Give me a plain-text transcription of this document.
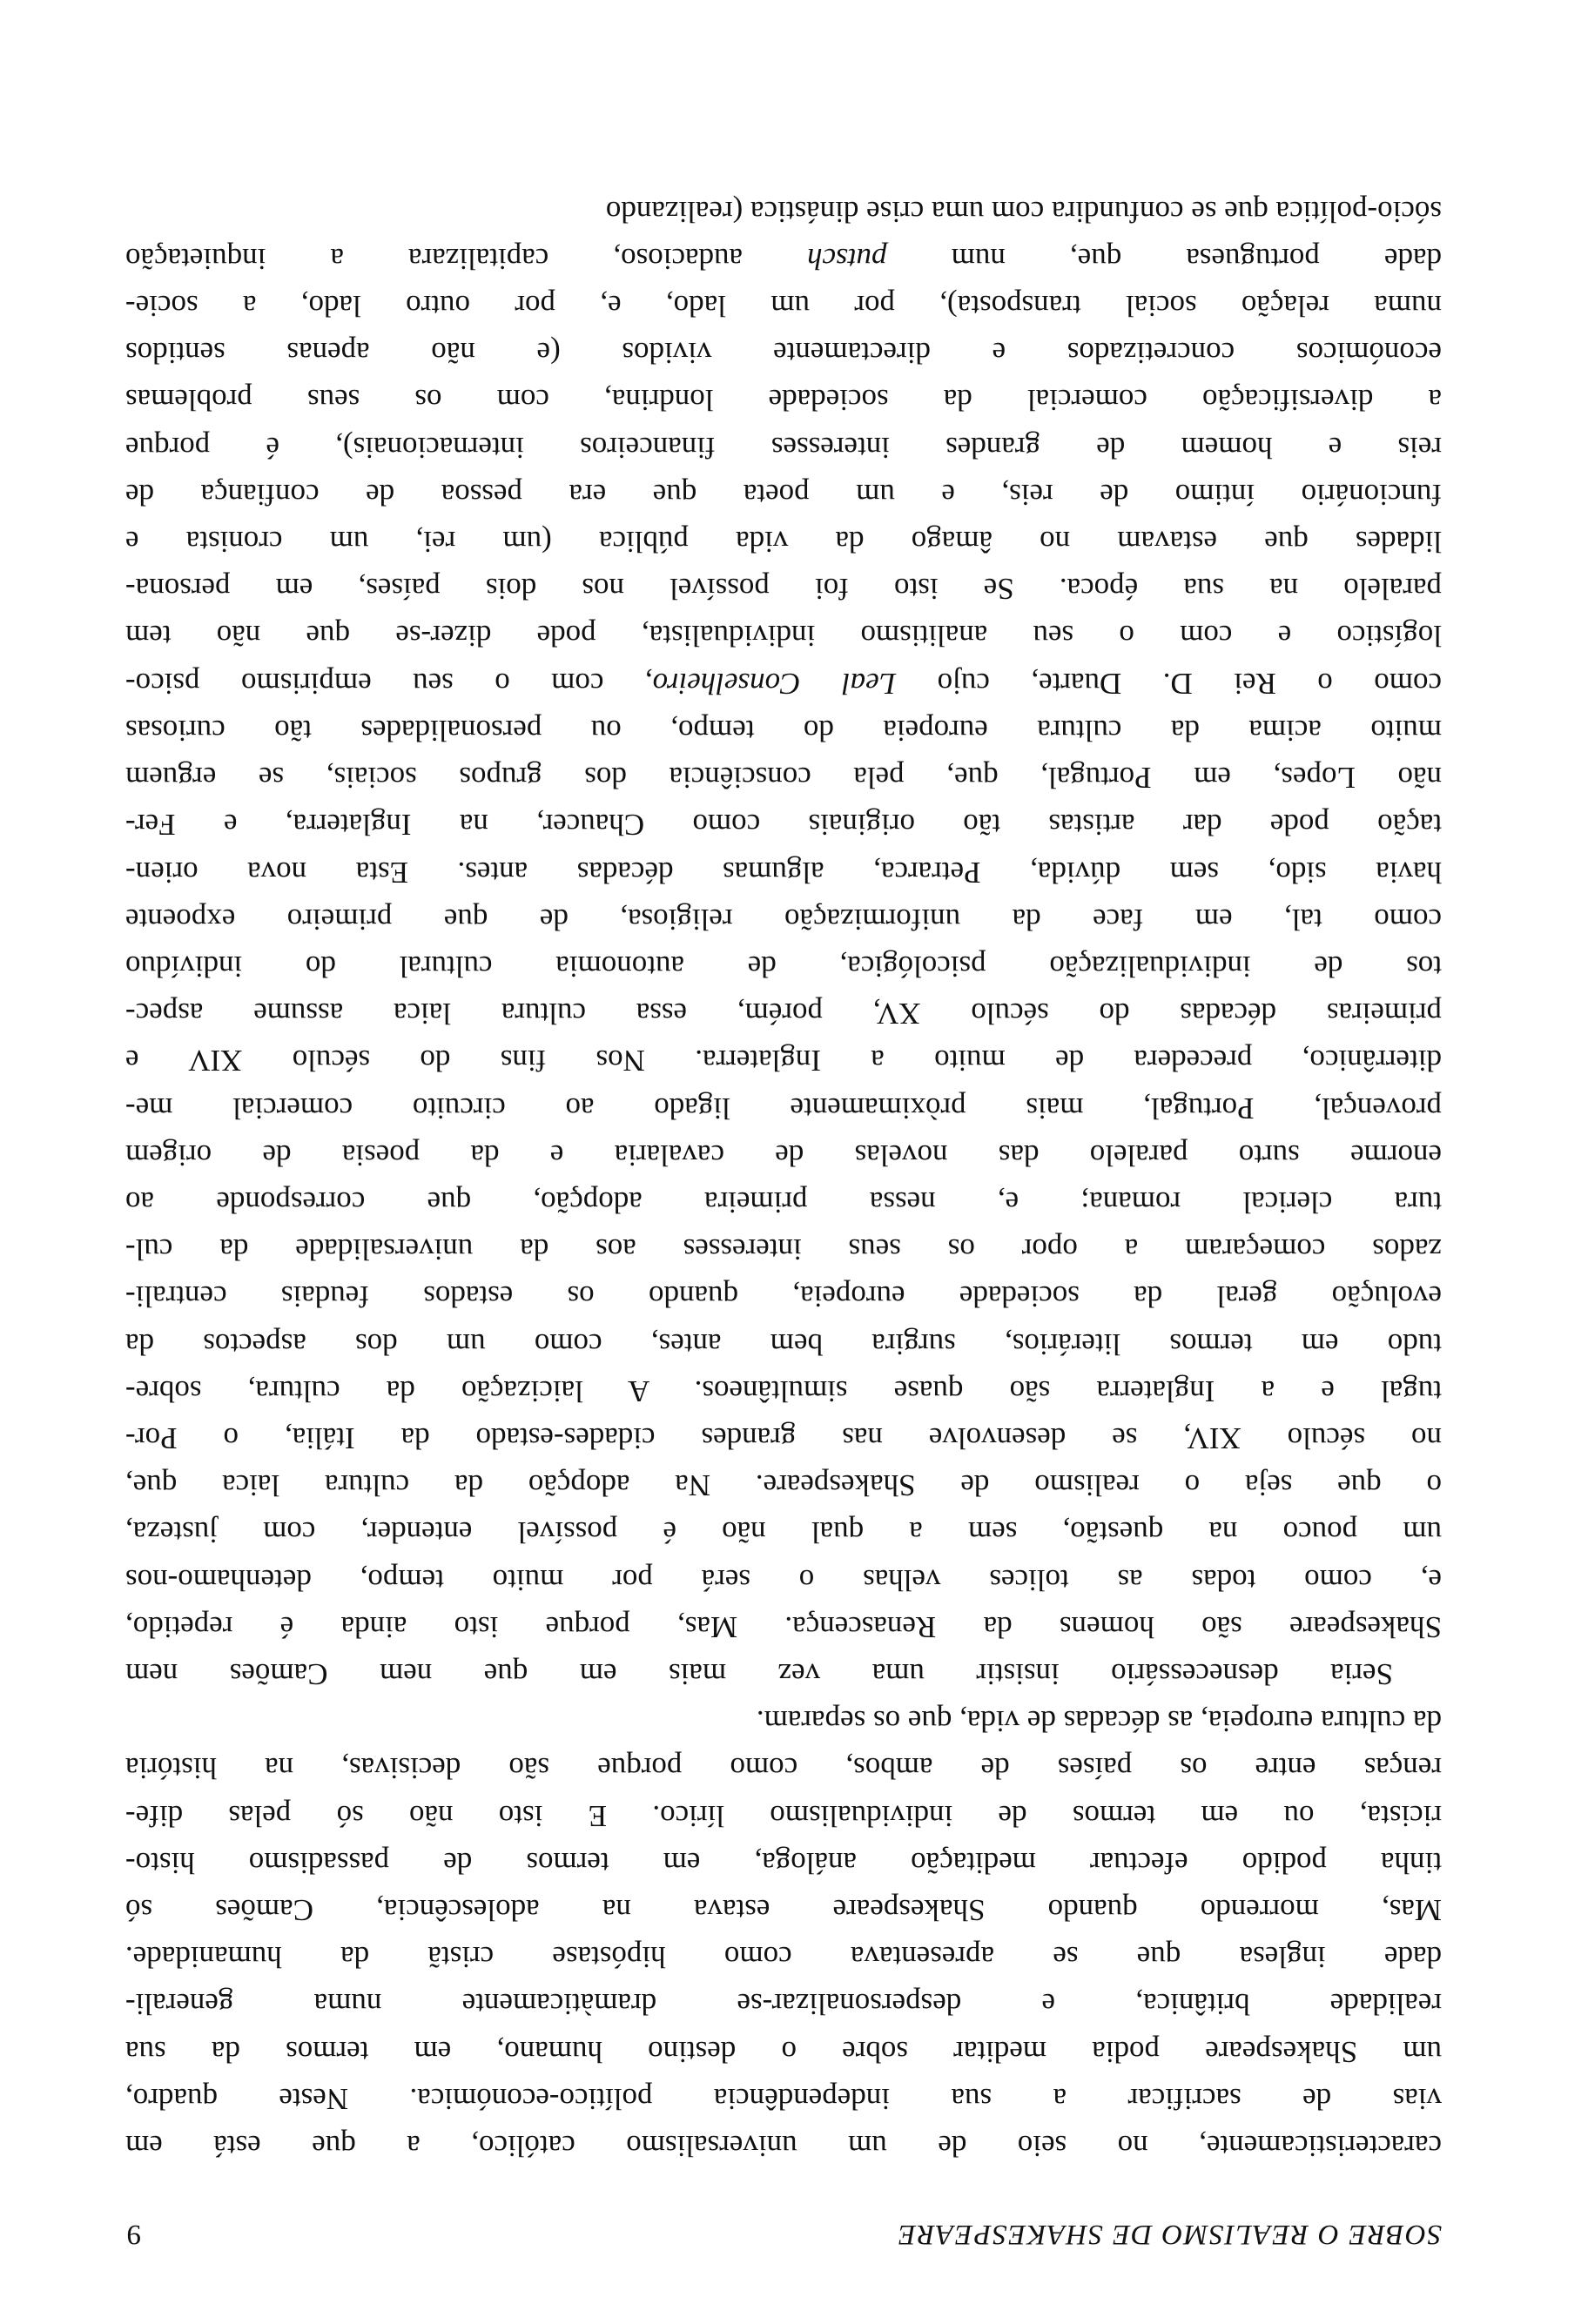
SOBRE O REALISMO DE SHAKESPEARE
9

caracteristicamente, no seio de um universalismo católico, a que está em
vias de sacrificar a sua independência político-económica. Neste quadro,
um Shakespeare podia meditar sobre o destino humano, em termos da sua
realidade britânica, e despersonalizar-se dramàticamente numa generali-
dade inglesa que se apresentava como hipóstase cristã da humanidade.
Mas, morrendo quando Shakespeare estava na adolescência, Camões só
tinha podido efectuar meditação análoga, em termos de passadismo histo-
ricista, ou em termos de individualismo lírico. E isto não só pelas dife-
renças entre os países de ambos, como porque são decisivas, na história
da cultura europeia, as décadas de vida, que os separam.

Seria desnecessário insistir uma vez mais em que nem Camões nem
Shakespeare são homens da Renascença. Mas, porque isto ainda é repetido,
e, como todas as tolices velhas o será por muito tempo, detenhamo-nos
um pouco na questão, sem a qual não é possível entender, com justeza,
o que seja o realismo de Shakespeare. Na adopção da cultura laica que,
no século XIV, se desenvolve nas grandes cidades-estado da Itália, o Por-
tugal e a Inglaterra são quase simultâneos. A laicização da cultura, sobre-
tudo em termos literários, surgira bem antes, como um dos aspectos da
evolução geral da sociedade europeia, quando os estados feudais centrali-
zados começaram a opor os seus interesses aos da universalidade da cul-
tura clerical romana; e, nessa primeira adopção, que corresponde ao
enorme surto paralelo das novelas de cavalaria e da poesia de origem
provençal, Portugal, mais pròximamente ligado ao circuito comercial me-
diterrânico, precedera de muito a Inglaterra. Nos fins do século XIV e
primeiras décadas do século XV, porém, essa cultura laica assume aspec-
tos de individualização psicológica, de autonomia cultural do indivíduo
como tal, em face da uniformização religiosa, de que primeiro expoente
havia sido, sem dúvida, Petrarca, algumas décadas antes. Esta nova orien-
tação pode dar artistas tão originais como Chaucer, na Inglaterra, e Fer-
não Lopes, em Portugal, que, pela consciência dos grupos sociais, se erguem
muito acima da cultura europeia do tempo, ou personalidades tão curiosas
como o Rei D. Duarte, cujo Leal Conselheiro, com o seu empirismo psico-
logístico e com o seu analitismo individualista, pode dizer-se que não tem
paralelo na sua época. Se isto foi possível nos dois países, em persona-
lidades que estavam no âmago da vida pública (um rei, um cronista e
funcionário íntimo de reis, e um poeta que era pessoa de confiança de
reis e homem de grandes interesses financeiros internacionais), é porque
a diversificação comercial da sociedade londrina, com os seus problemas
económicos concretizados e directamente vividos (e não apenas sentidos
numa relação social transposta), por um lado, e, por outro lado, a socie-
dade portuguesa que, num putsch audacioso, capitalizara a inquietação
sócio-política que se confundira com uma crise dinástica (realizando
